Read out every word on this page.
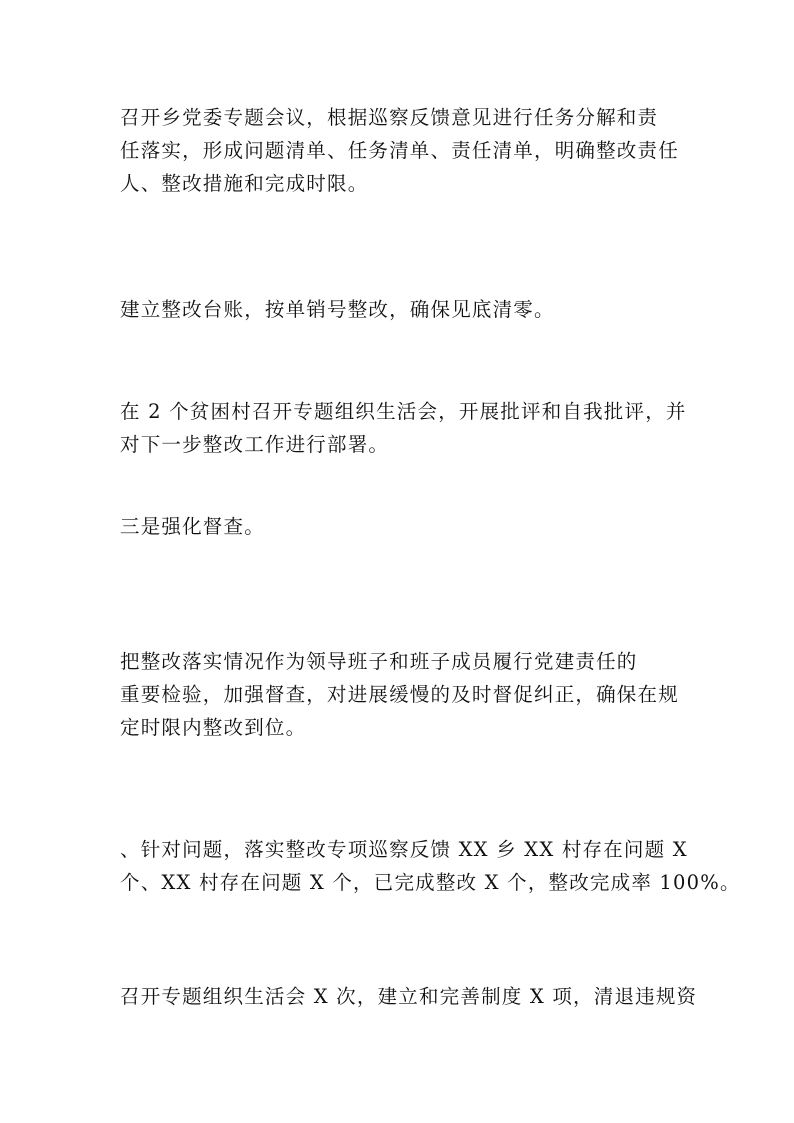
召开乡党委专题会议，根据巡察反馈意见进行任务分解和责
任落实，形成问题清单、任务清单、责任清单，明确整改责任
人、整改措施和完成时限。
建立整改台账，按单销号整改，确保见底清零。
在 2 个贫困村召开专题组织生活会，开展批评和自我批评，并
对下一步整改工作进行部署。
三是强化督查。
把整改落实情况作为领导班子和班子成员履行党建责任的
重要检验，加强督查，对进展缓慢的及时督促纠正，确保在规
定时限内整改到位。
、针对问题，落实整改专项巡察反馈 XX 乡 XX 村存在问题 X
个、XX 村存在问题 X 个，已完成整改 X 个，整改完成率 100%。
召开专题组织生活会 X 次，建立和完善制度 X 项，清退违规资
